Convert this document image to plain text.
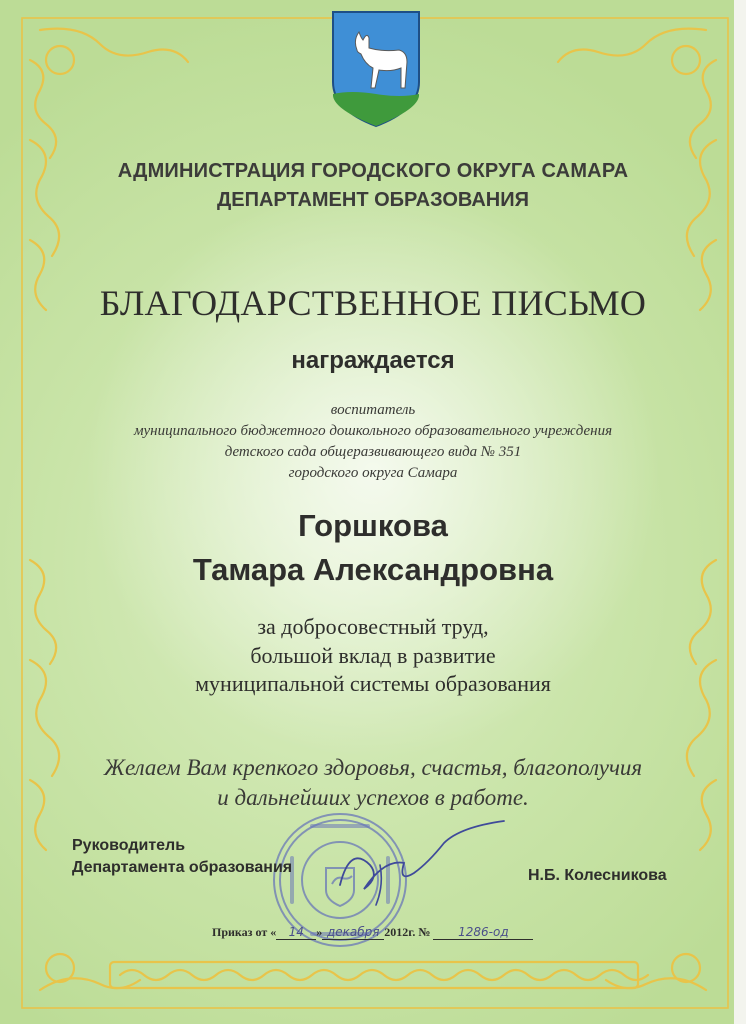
АДМИНИСТРАЦИЯ ГОРОДСКОГО ОКРУГА САМАРА
ДЕПАРТАМЕНТ ОБРАЗОВАНИЯ
БЛАГОДАРСТВЕННОЕ ПИСЬМО
награждается
воспитатель
муниципального бюджетного дошкольного образовательного учреждения
детского сада общеразвивающего вида № 351
городского округа Самара
Горшкова
Тамара Александровна
за добросовестный труд,
большой вклад в развитие
муниципальной системы образования
Желаем Вам крепкого здоровья, счастья, благополучия
и дальнейших успехов в работе.
Руководитель
Департамента образования	Н.Б. Колесникова
Приказ от « 14 » декабря 2012г. № 1286-од
